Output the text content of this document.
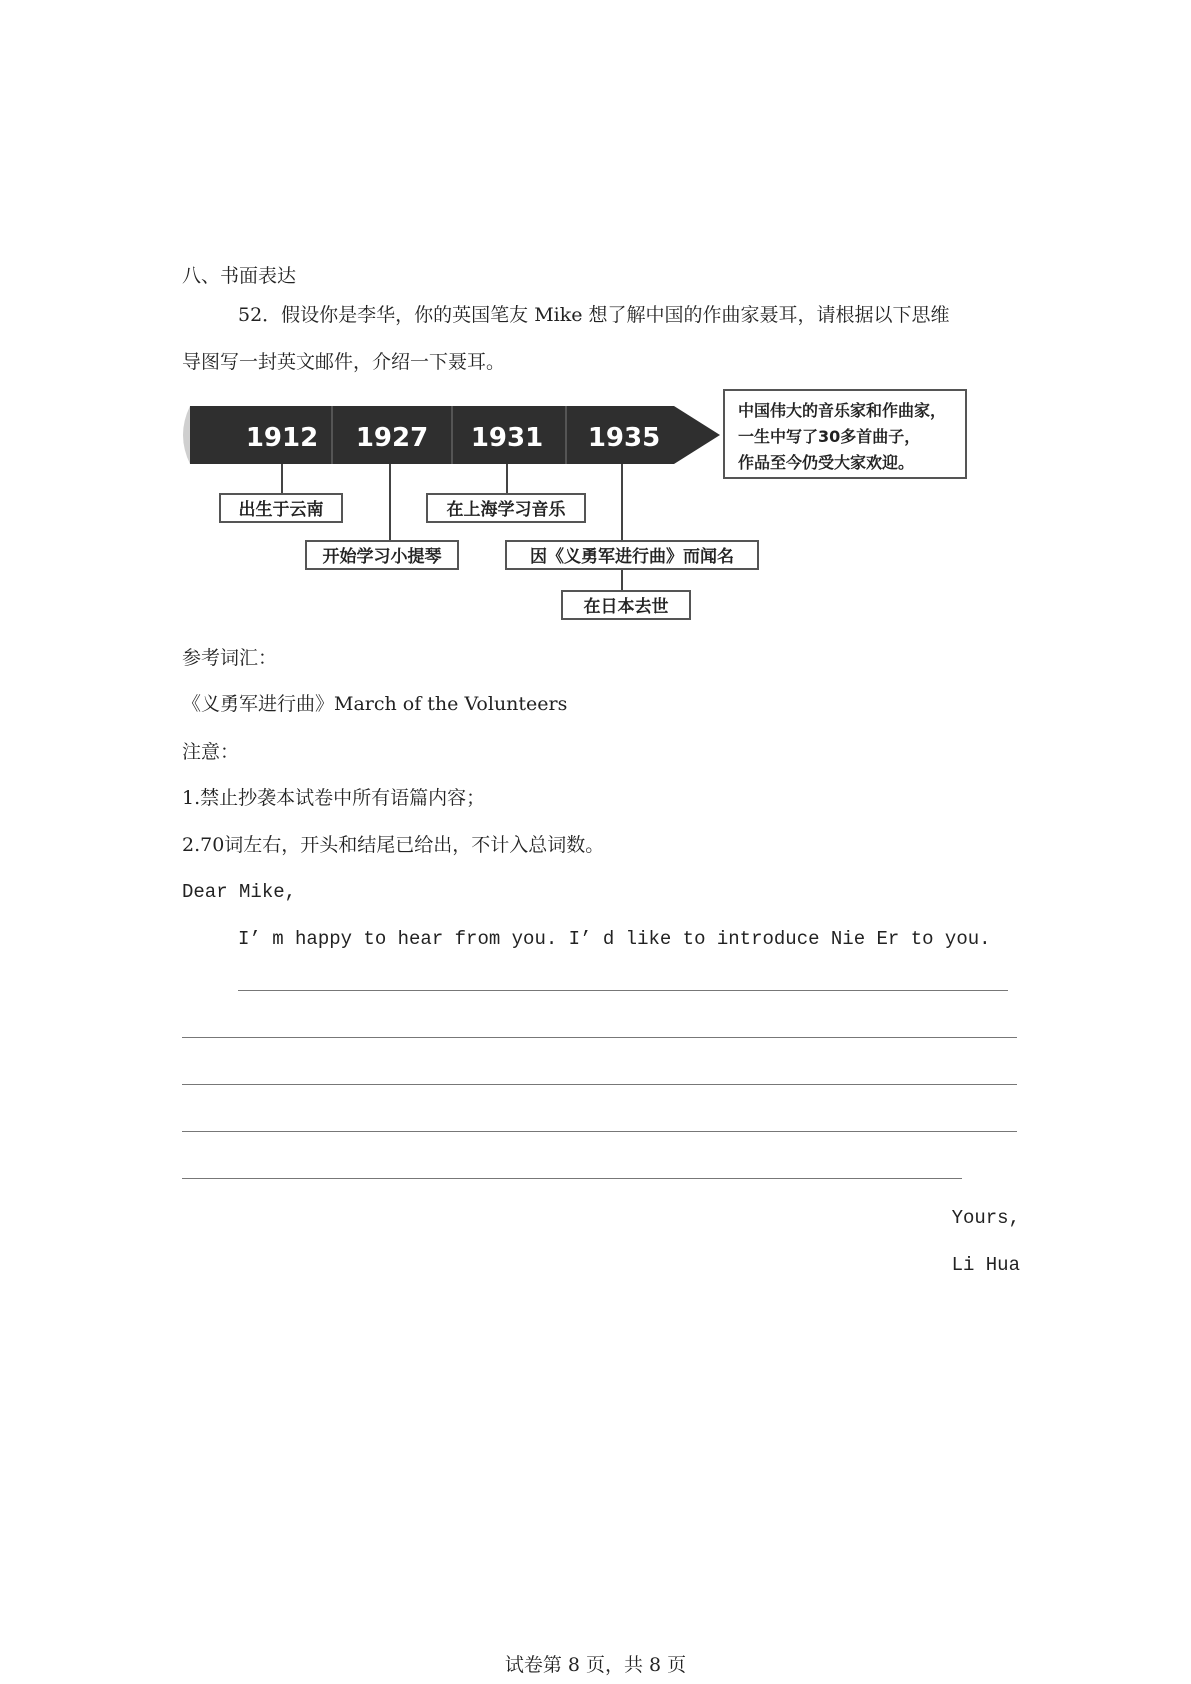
八、书面表达
52．假设你是李华，你的英国笔友 Mike 想了解中国的作曲家聂耳，请根据以下思维
导图写一封英文邮件，介绍一下聂耳。
1912 1927 1931 1935
出生于云南
开始学习小提琴
在上海学习音乐
因《义勇军进行曲》而闻名
在日本去世
中国伟大的音乐家和作曲家，
一生中写了30多首曲子，
作品至今仍受大家欢迎。
参考词汇：
《义勇军进行曲》March of the Volunteers
注意：
1.禁止抄袭本试卷中所有语篇内容；
2.70词左右，开头和结尾已给出，不计入总词数。
Dear Mike,
I’ m happy to hear from you. I’ d like to introduce Nie Er to you.
Yours,
Li Hua
试卷第 8 页，共 8 页
